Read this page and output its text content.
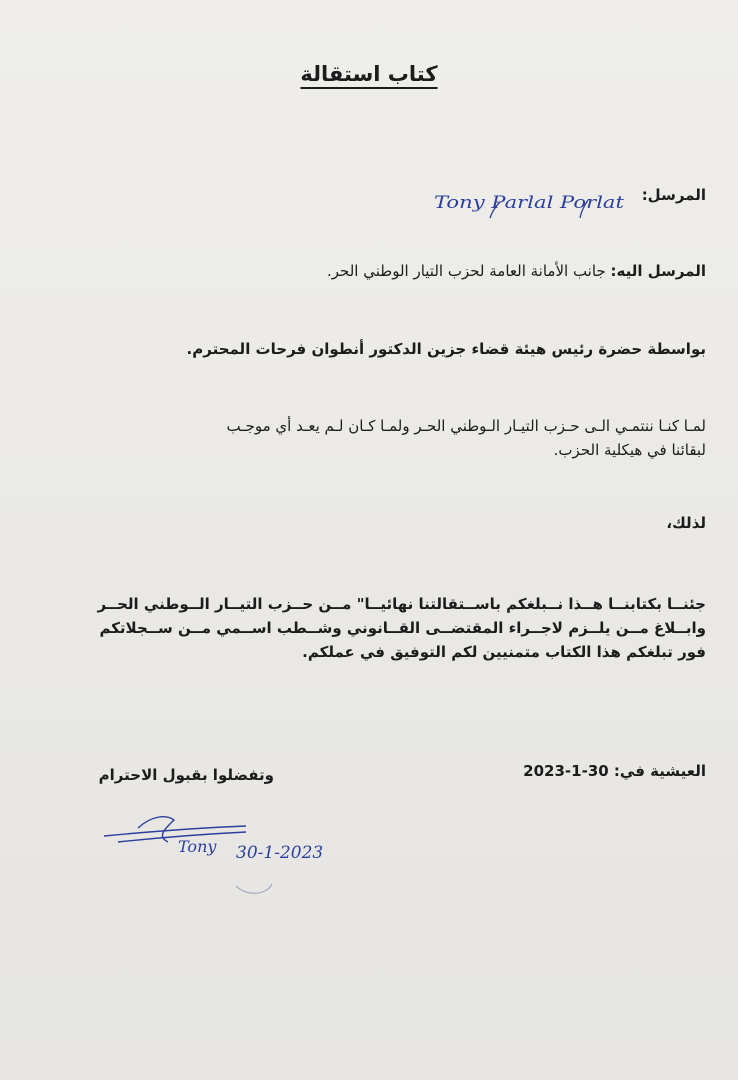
كتاب استقالة
المرسل:
Tony Parlal Porlat
المرسل اليه: جانب الأمانة العامة لحزب التيار الوطني الحر.
بواسطة حضرة رئيس هيئة قضاء جزين الدكتور أنطوان فرحات المحترم.

لمـا كنـا ننتمـي الـى حـزب التيـار الـوطني الحـر ولمـا كـان لـم يعـد أي موجـب

لبقائنا في هيكلية الحزب.

لذلك،

جئنــا بكتابنــا هــذا نــبلغكم باســتقالتنا نهائيــا" مــن حــزب التيــار الــوطني الحــر

وابــلاغ مــن يلــزم لاجــراء المقتضــى القــانوني وشــطب اســمي مــن ســجلاتكم

فور تبلغكم هذا الكتاب متمنيين لكم التوفيق في عملكم.

العيشية في: 30-1-2023
وتفضلوا بقبول الاحترام
Tony 30-1-2023
